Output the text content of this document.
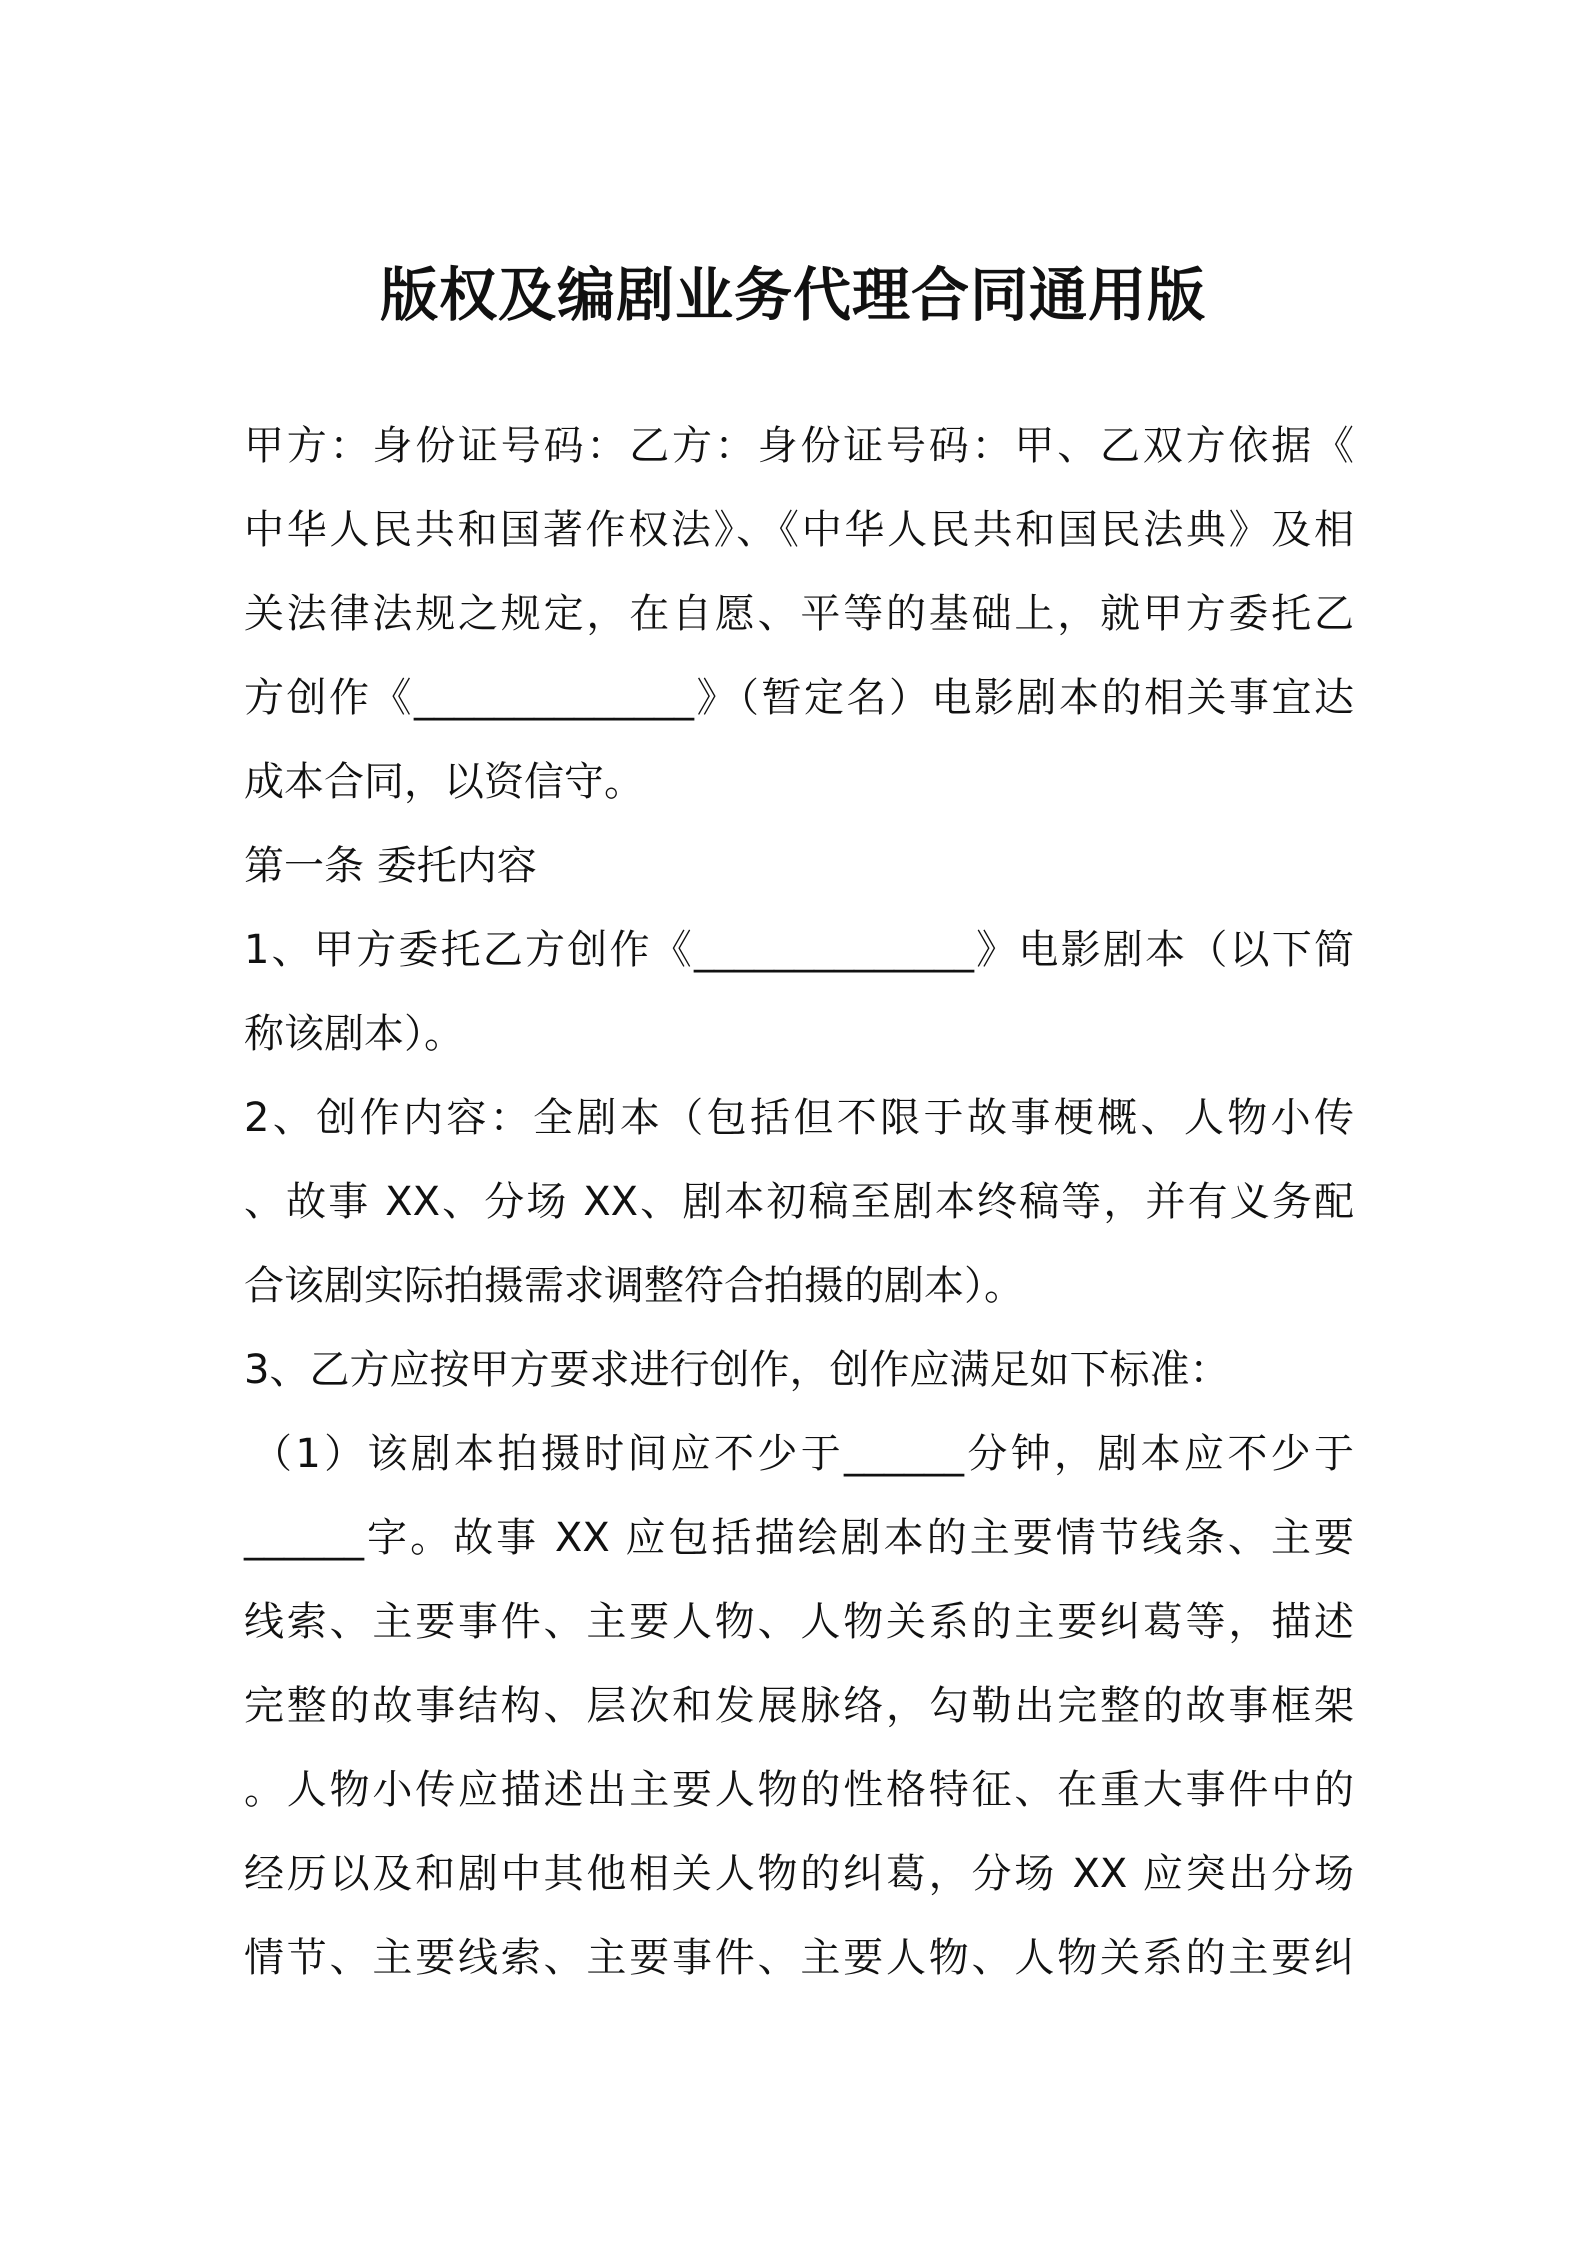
版权及编剧业务代理合同通用版
甲方：身份证号码：乙方：身份证号码：甲、乙双方依据《
中华人民共和国著作权法》、《中华人民共和国民法典》及相
关法律法规之规定，在自愿、平等的基础上，就甲方委托乙
方创作《______________》（暂定名）电影剧本的相关事宜达
成本合同，以资信守。
第一条 委托内容
1、甲方委托乙方创作《______________》电影剧本（以下简
称该剧本）。
2、创作内容：全剧本（包括但不限于故事梗概、人物小传
、故事 XX、分场 XX、剧本初稿至剧本终稿等，并有义务配
合该剧实际拍摄需求调整符合拍摄的剧本）。
3、乙方应按甲方要求进行创作，创作应满足如下标准：
（1）该剧本拍摄时间应不少于______分钟，剧本应不少于
______字。故事 XX 应包括描绘剧本的主要情节线条、主要
线索、主要事件、主要人物、人物关系的主要纠葛等，描述
完整的故事结构、层次和发展脉络，勾勒出完整的故事框架
。人物小传应描述出主要人物的性格特征、在重大事件中的
经历以及和剧中其他相关人物的纠葛，分场 XX 应突出分场
情节、主要线索、主要事件、主要人物、人物关系的主要纠
